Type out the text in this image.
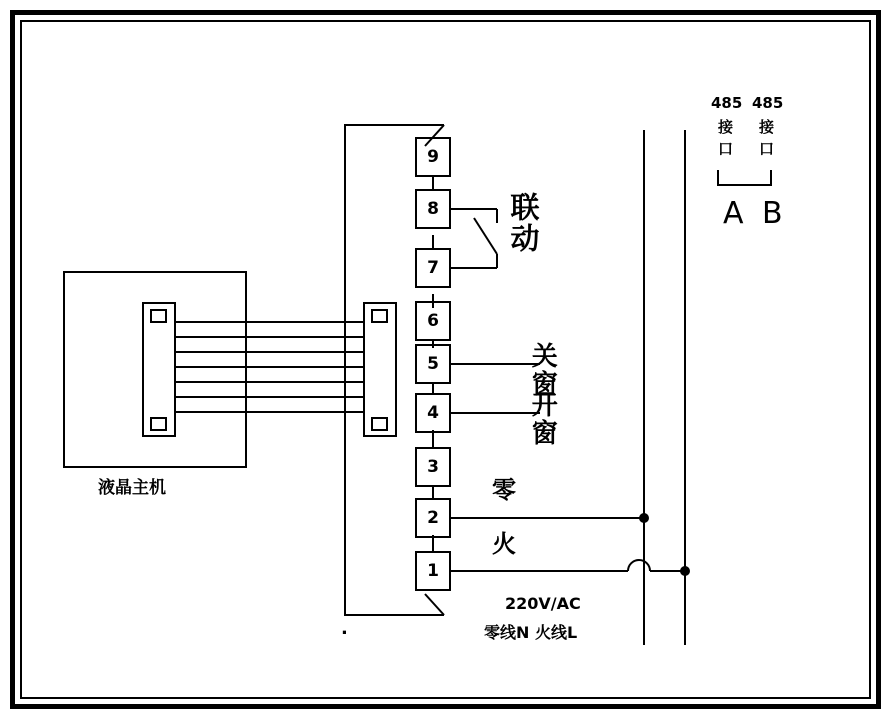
9
8
7
6
5
4
3
2
1
液晶主机
联动
关窗
开窗
零
火
220V/AC
零线N 火线L
485
接
口
485
接
口
A B
.
